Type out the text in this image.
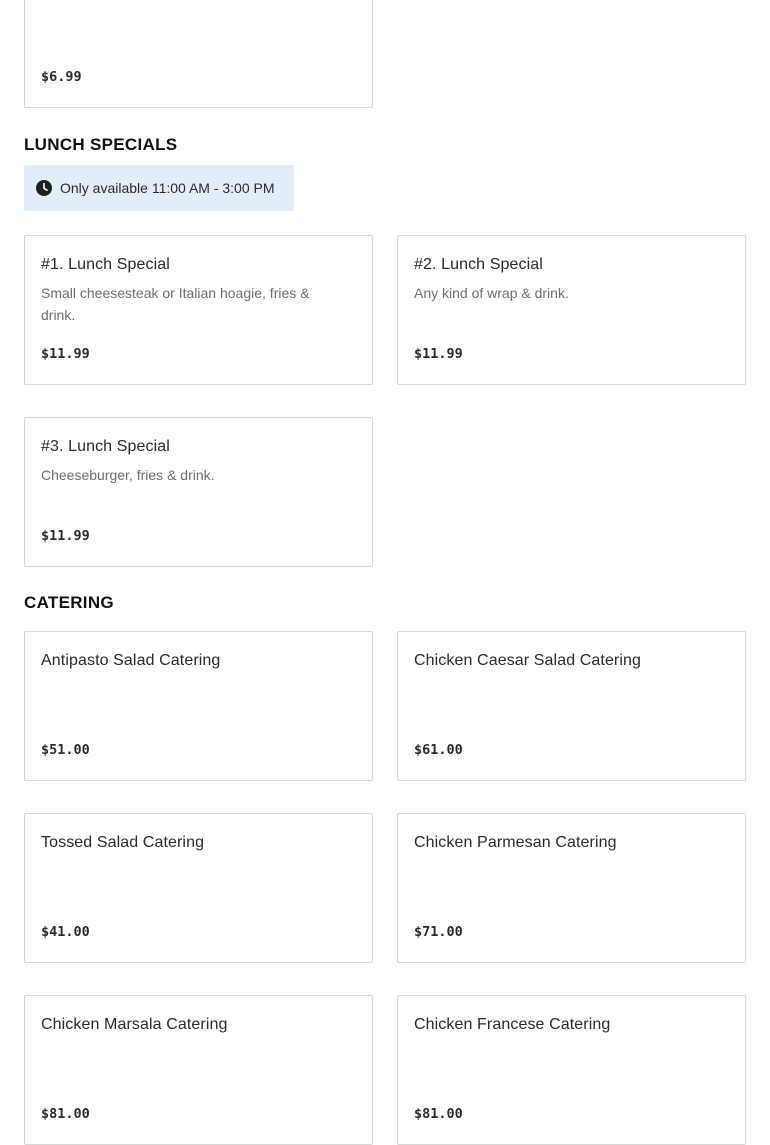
$6.99
LUNCH SPECIALS
Only available 11:00 AM - 3:00 PM
#1. Lunch Special
Small cheesesteak or Italian hoagie, fries & drink.
$11.99
#2. Lunch Special
Any kind of wrap & drink.
$11.99
#3. Lunch Special
Cheeseburger, fries & drink.
$11.99
CATERING
Antipasto Salad Catering
$51.00
Chicken Caesar Salad Catering
$61.00
Tossed Salad Catering
$41.00
Chicken Parmesan Catering
$71.00
Chicken Marsala Catering
$81.00
Chicken Francese Catering
$81.00
